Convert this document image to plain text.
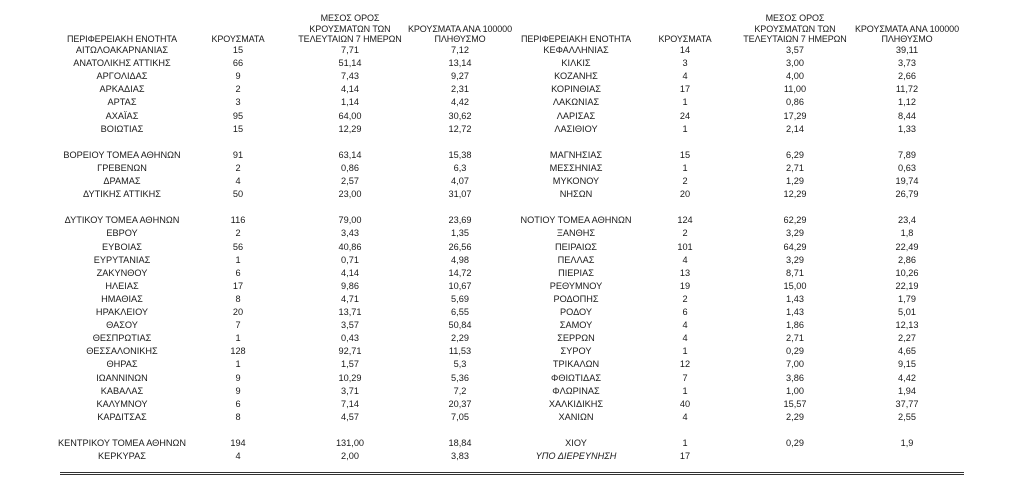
ΠΕΡΙΦΕΡΕΙΑΚΗ ΕΝΟΤΗΤΑ	ΚΡΟΥΣΜΑΤΑ
ΜΕΣΟΣ ΟΡΟΣ
ΚΡΟΥΣΜΑΤΩΝ ΤΩΝ
ΤΕΛΕΥΤΑΙΩΝ 7 ΗΜΕΡΩΝ
ΚΡΟΥΣΜΑΤΑ ΑΝΑ 100000
ΠΛΗΘΥΣΜΟ	ΠΕΡΙΦΕΡΕΙΑΚΗ ΕΝΟΤΗΤΑ	ΚΡΟΥΣΜΑΤΑ
ΜΕΣΟΣ ΟΡΟΣ
ΚΡΟΥΣΜΑΤΩΝ ΤΩΝ
ΤΕΛΕΥΤΑΙΩΝ 7 ΗΜΕΡΩΝ
ΚΡΟΥΣΜΑΤΑ ΑΝΑ 100000
ΠΛΗΘΥΣΜΟ
ΑΙΤΩΛΟΑΚΑΡΝΑΝΙΑΣ	15	7,71	7,12
ΑΝΑΤΟΛΙΚΗΣ ΑΤΤΙΚΗΣ	66	51,14	13,14
ΑΡΓΟΛΙΔΑΣ	9	7,43	9,27
ΑΡΚΑΔΙΑΣ	2	4,14	2,31
ΑΡΤΑΣ	3	1,14	4,42
ΑΧΑΪΑΣ	95	64,00	30,62
ΒΟΙΩΤΙΑΣ	15	12,29	12,72
ΒΟΡΕΙΟΥ ΤΟΜΕΑ ΑΘΗΝΩΝ	91	63,14	15,38
ΓΡΕΒΕΝΩΝ	2	0,86	6,3
ΔΡΑΜΑΣ	4	2,57	4,07
ΔΥΤΙΚΗΣ ΑΤΤΙΚΗΣ	50	23,00	31,07
ΔΥΤΙΚΟΥ ΤΟΜΕΑ ΑΘΗΝΩΝ	116	79,00	23,69
ΕΒΡΟΥ	2	3,43	1,35
ΕΥΒΟΙΑΣ	56	40,86	26,56
ΕΥΡΥΤΑΝΙΑΣ	1	0,71	4,98
ΖΑΚΥΝΘΟΥ	6	4,14	14,72
ΗΛΕΙΑΣ	17	9,86	10,67
ΗΜΑΘΙΑΣ	8	4,71	5,69
ΗΡΑΚΛΕΙΟΥ	20	13,71	6,55
ΘΑΣΟΥ	7	3,57	50,84
ΘΕΣΠΡΩΤΙΑΣ	1	0,43	2,29
ΘΕΣΣΑΛΟΝΙΚΗΣ	128	92,71	11,53
ΘΗΡΑΣ	1	1,57	5,3
ΙΩΑΝΝΙΝΩΝ	9	10,29	5,36
ΚΑΒΑΛΑΣ	9	3,71	7,2
ΚΑΛΥΜΝΟΥ	6	7,14	20,37
ΚΑΡΔΙΤΣΑΣ	8	4,57	7,05
ΚΕΝΤΡΙΚΟΥ ΤΟΜΕΑ ΑΘΗΝΩΝ	194	131,00	18,84
ΚΕΡΚΥΡΑΣ	4	2,00	3,83
ΚΕΦΑΛΛΗΝΙΑΣ	14	3,57	39,11
ΚΙΛΚΙΣ	3	3,00	3,73
ΚΟΖΑΝΗΣ	4	4,00	2,66
ΚΟΡΙΝΘΙΑΣ	17	11,00	11,72
ΛΑΚΩΝΙΑΣ	1	0,86	1,12
ΛΑΡΙΣΑΣ	24	17,29	8,44
ΛΑΣΙΘΙΟΥ	1	2,14	1,33
ΜΑΓΝΗΣΙΑΣ	15	6,29	7,89
ΜΕΣΣΗΝΙΑΣ	1	2,71	0,63
ΜΥΚΟΝΟΥ	2	1,29	19,74
ΝΗΣΩΝ	20	12,29	26,79
ΝΟΤΙΟΥ ΤΟΜΕΑ ΑΘΗΝΩΝ	124	62,29	23,4
ΞΑΝΘΗΣ	2	3,29	1,8
ΠΕΙΡΑΙΩΣ	101	64,29	22,49
ΠΕΛΛΑΣ	4	3,29	2,86
ΠΙΕΡΙΑΣ	13	8,71	10,26
ΡΕΘΥΜΝΟΥ	19	15,00	22,19
ΡΟΔΟΠΗΣ	2	1,43	1,79
ΡΟΔΟΥ	6	1,43	5,01
ΣΑΜΟΥ	4	1,86	12,13
ΣΕΡΡΩΝ	4	2,71	2,27
ΣΥΡΟΥ	1	0,29	4,65
ΤΡΙΚΑΛΩΝ	12	7,00	9,15
ΦΘΙΩΤΙΔΑΣ	7	3,86	4,42
ΦΛΩΡΙΝΑΣ	1	1,00	1,94
ΧΑΛΚΙΔΙΚΗΣ	40	15,57	37,77
ΧΑΝΙΩΝ	4	2,29	2,55
ΧΙΟΥ	1	0,29	1,9
ΥΠΟ ΔΙΕΡΕΥΝΗΣΗ	17
